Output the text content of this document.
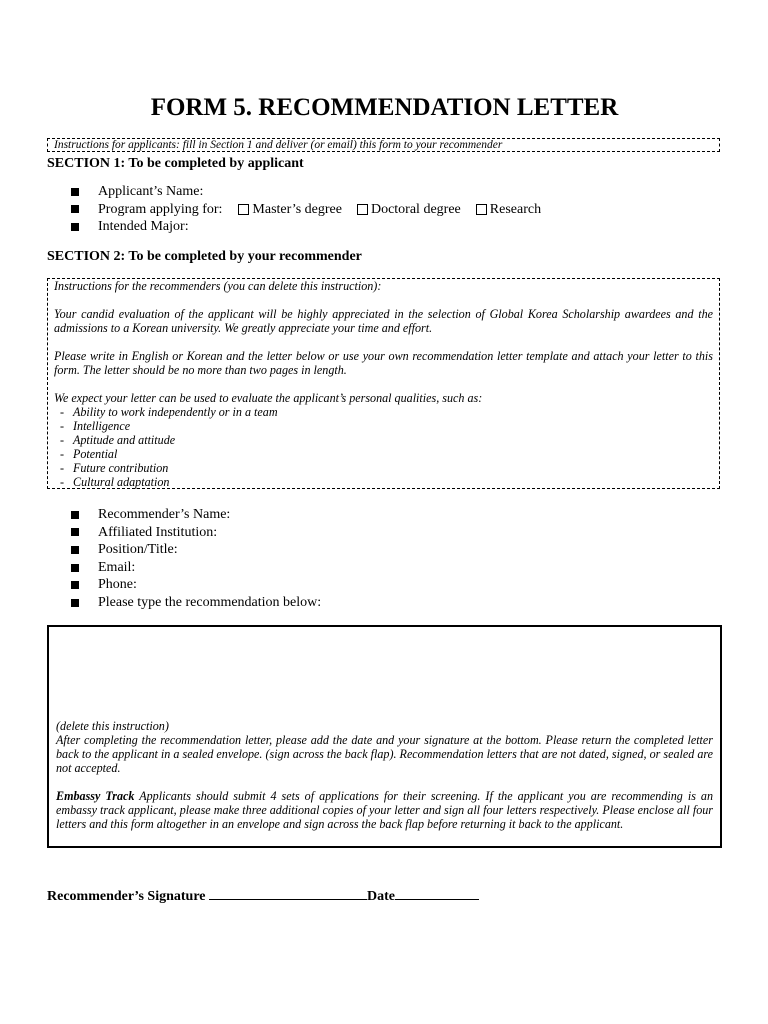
FORM 5. RECOMMENDATION LETTER
Instructions for applicants: fill in Section 1 and deliver (or email) this form to your recommender
SECTION 1: To be completed by applicant
Applicant’s Name:
Program applying for: Master’s degree Doctoral degree Research
Intended Major:
SECTION 2: To be completed by your recommender

Instructions for the recommenders (you can delete this instruction):

Your candid evaluation of the applicant will be highly appreciated in the selection of Global Korea Scholarship awardees and the admissions to a Korean university. We greatly appreciate your time and effort.

Please write in English or Korean and the letter below or use your own recommendation letter template and attach your letter to this form. The letter should be no more than two pages in length.

We expect your letter can be used to evaluate the applicant’s personal qualities, such as:

- Ability to work independently or in a team
- Intelligence
- Aptitude and attitude
- Potential
- Future contribution
- Cultural adaptation
Recommender’s Name:
Affiliated Institution:
Position/Title:
Email:
Phone:
Please type the recommendation below:

(delete this instruction)

After completing the recommendation letter, please add the date and your signature at the bottom. Please return the completed letter back to the applicant in a sealed envelope. (sign across the back flap). Recommendation letters that are not dated, signed, or sealed are not accepted.

Embassy Track Applicants should submit 4 sets of applications for their screening. If the applicant you are recommending is an embassy track applicant, please make three additional copies of your letter and sign all four letters respectively. Please enclose all four letters and this form altogether in an envelope and sign across the back flap before returning it back to the applicant.

Recommender’s Signature	Date
